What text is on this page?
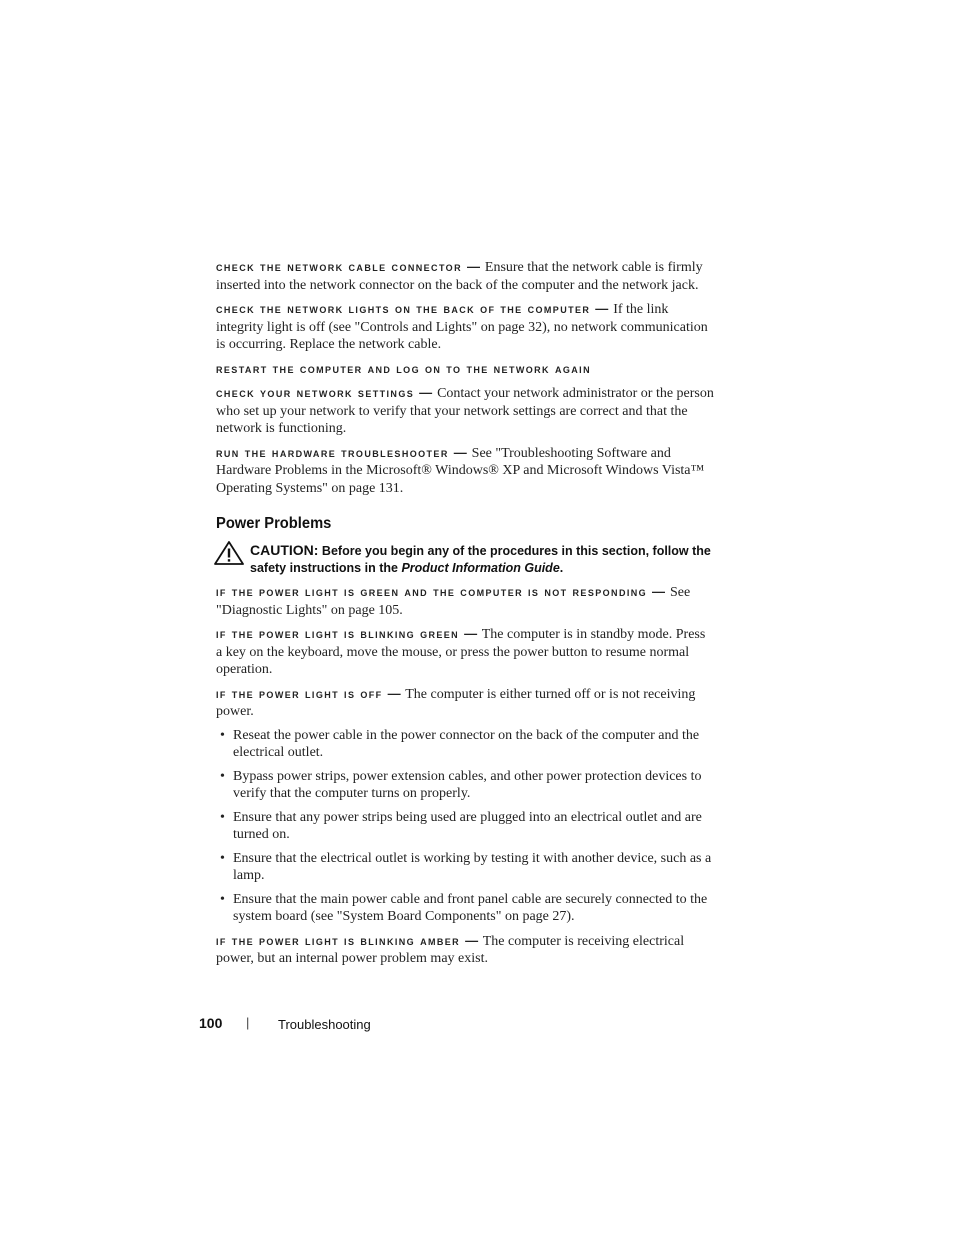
check the network cable connector — Ensure that the network cable is firmly inserted into the network connector on the back of the computer and the network jack.

check the network lights on the back of the computer — If the link integrity light is off (see "Controls and Lights" on page 32), no network communication is occurring. Replace the network cable.

restart the computer and log on to the network again

check your network settings — Contact your network administrator or the person who set up your network to verify that your network settings are correct and that the network is functioning.

run the hardware troubleshooter — See "Troubleshooting Software and Hardware Problems in the Microsoft® Windows® XP and Microsoft Windows Vista™ Operating Systems" on page 131.

Power Problems
CAUTION: Before you begin any of the procedures in this section, follow the safety instructions in the Product Information Guide.

if the power light is green and the computer is not responding — See "Diagnostic Lights" on page 105.

if the power light is blinking green — The computer is in standby mode. Press a key on the keyboard, move the mouse, or press the power button to resume normal operation.

if the power light is off — The computer is either turned off or is not receiving power.

• Reseat the power cable in the power connector on the back of the computer and the electrical outlet.
• Bypass power strips, power extension cables, and other power protection devices to verify that the computer turns on properly.
• Ensure that any power strips being used are plugged into an electrical outlet and are turned on.
• Ensure that the electrical outlet is working by testing it with another device, such as a lamp.
• Ensure that the main power cable and front panel cable are securely connected to the system board (see "System Board Components" on page 27).

if the power light is blinking amber — The computer is receiving electrical power, but an internal power problem may exist.

100 | Troubleshooting
